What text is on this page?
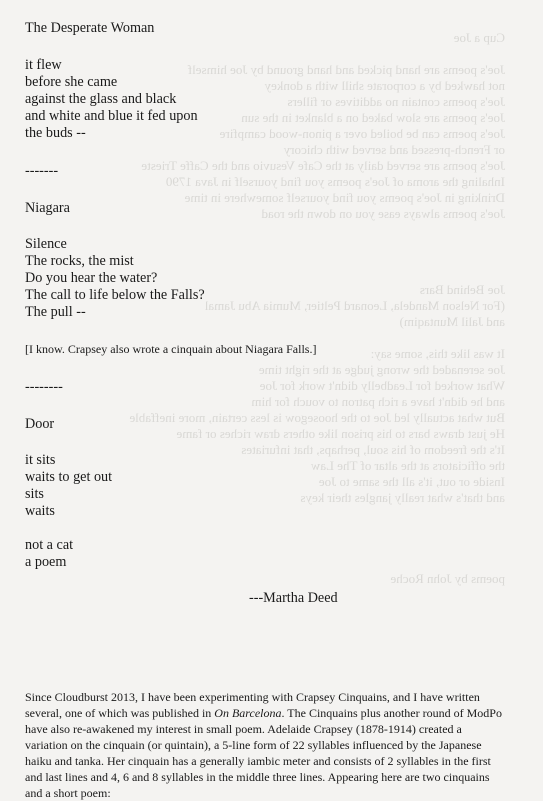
Cup a Joe

Joe's poems are hand picked and hand ground by Joe himself

not hawked by a corporate shill with a donkey

Joe's poems contain no additives or fillers

Joe's poems are slow baked on a blanket in the sun

Joe's poems can be boiled over a pinon-wood campfire

or French-pressed and served with chicory

Joe's poems are served daily at the Cafe Vesuvio and the Caffe Trieste

Inhaling the aroma of Joe's poems you find yourself in Java 1790

Drinking in Joe's poems you find yourself somewhere in time

Joe's poems always ease you on down the road

Joe Behind Bars

(For Nelson Mandela, Leonard Peltier, Mumia Abu Jamal

and Jalil Muntaqim)

It was like this, some say:

Joe serenaded the wrong judge at the right time

What worked for Leadbelly didn't work for Joe

and he didn't have a rich patron to vouch for him

But what actually led Joe to the hoosegow is less certain, more ineffable

He just draws bars to his prison like others draw riches or fame

It's the freedom of his soul, perhaps, that infuriates

the officiators at the altar of The Law

Inside or out, it's all the same to Joe

and that's what really jangles their keys

poems by John Roche

The Desperate Woman
it flew
before she came
against the glass and black
and white and blue it fed upon
the buds --
-------
Niagara
Silence
The rocks, the mist
Do you hear the water?
The call to life below the Falls?
The pull --
[I know. Crapsey also wrote a cinquain about Niagara Falls.]
--------
Door
it sits
waits to get out
sits
waits
not a cat
a poem
---Martha Deed

Since Cloudburst 2013, I have been experimenting with Crapsey Cinquains, and I have written

several, one of which was published in On Barcelona. The Cinquains plus another round of ModPo

have also re-awakened my interest in small poem. Adelaide Crapsey (1878-1914) created a

variation on the cinquain (or quintain), a 5-line form of 22 syllables influenced by the Japanese

haiku and tanka. Her cinquain has a generally iambic meter and consists of 2 syllables in the first

and last lines and 4, 6 and 8 syllables in the middle three lines. Appearing here are two cinquains

and a short poem:
